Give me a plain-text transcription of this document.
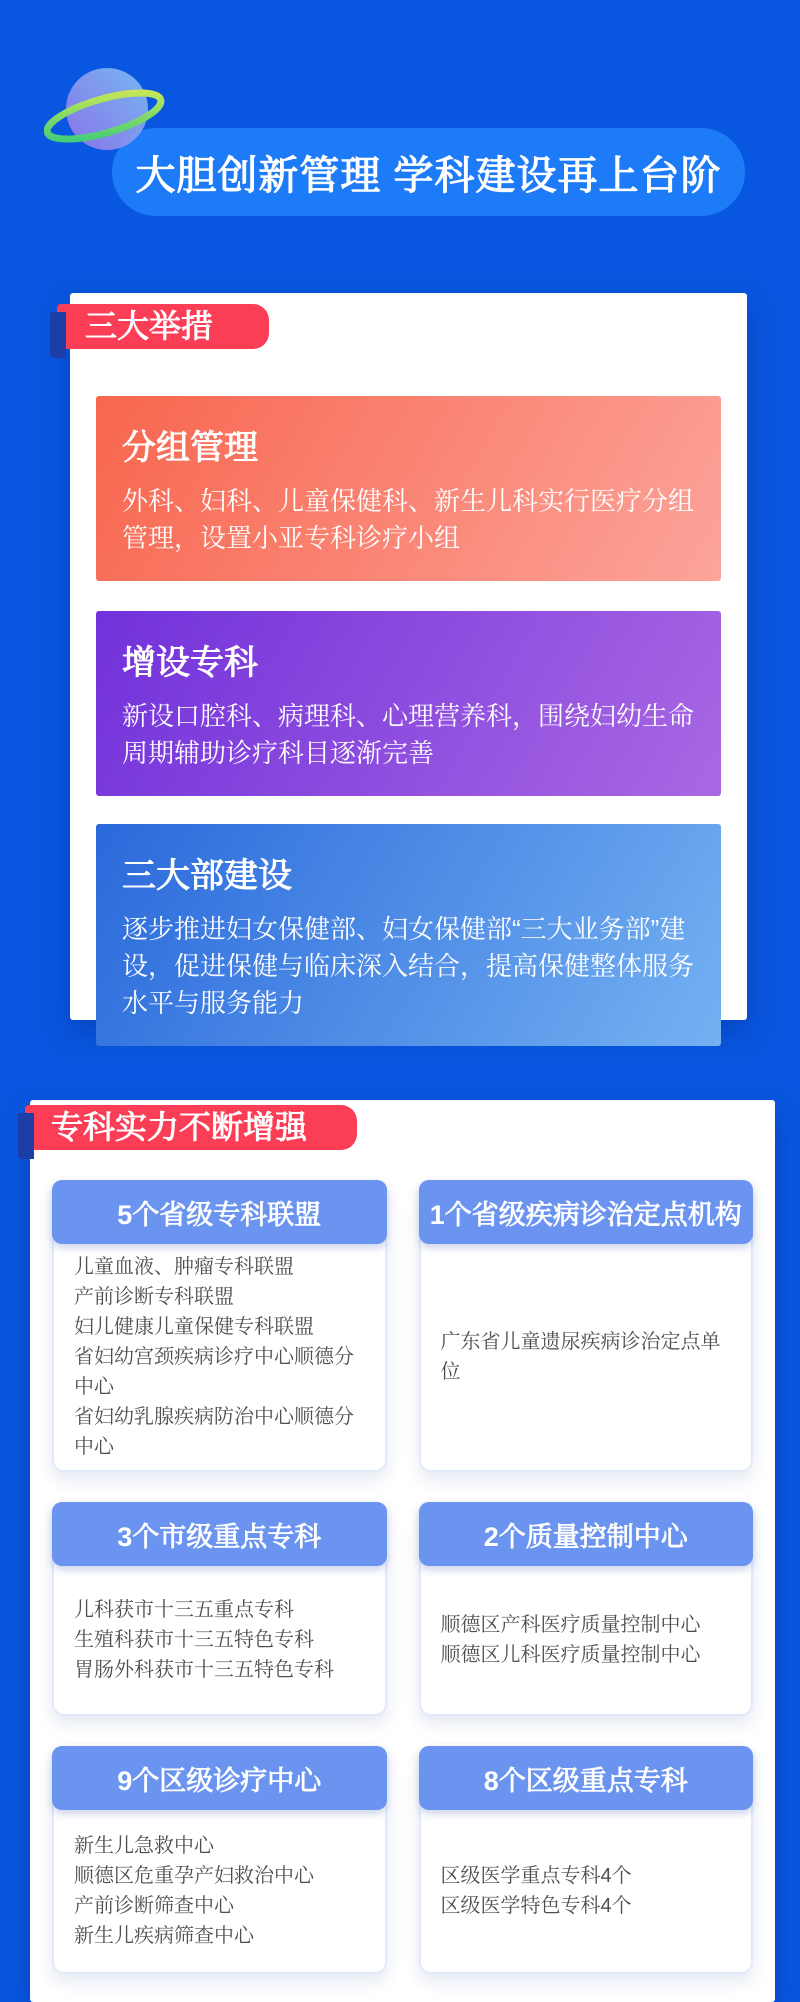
大胆创新管理 学科建设再上台阶
三大举措
分组管理
外科、妇科、儿童保健科、新生儿科实行医疗分组管理，设置小亚专科诊疗小组
增设专科
新设口腔科、病理科、心理营养科，围绕妇幼生命周期辅助诊疗科目逐渐完善
三大部建设
逐步推进妇女保健部、妇女保健部“三大业务部”建设，促进保健与临床深入结合，提高保健整体服务水平与服务能力
专科实力不断增强
5个省级专科联盟
儿童血液、肿瘤专科联盟
产前诊断专科联盟
妇儿健康儿童保健专科联盟
省妇幼宫颈疾病诊疗中心顺德分中心
省妇幼乳腺疾病防治中心顺德分中心
1个省级疾病诊治定点机构
广东省儿童遗尿疾病诊治定点单位
3个市级重点专科
儿科获市十三五重点专科
生殖科获市十三五特色专科
胃肠外科获市十三五特色专科
2个质量控制中心
顺德区产科医疗质量控制中心
顺德区儿科医疗质量控制中心
9个区级诊疗中心
新生儿急救中心
顺德区危重孕产妇救治中心
产前诊断筛查中心
新生儿疾病筛查中心
8个区级重点专科
区级医学重点专科4个
区级医学特色专科4个
